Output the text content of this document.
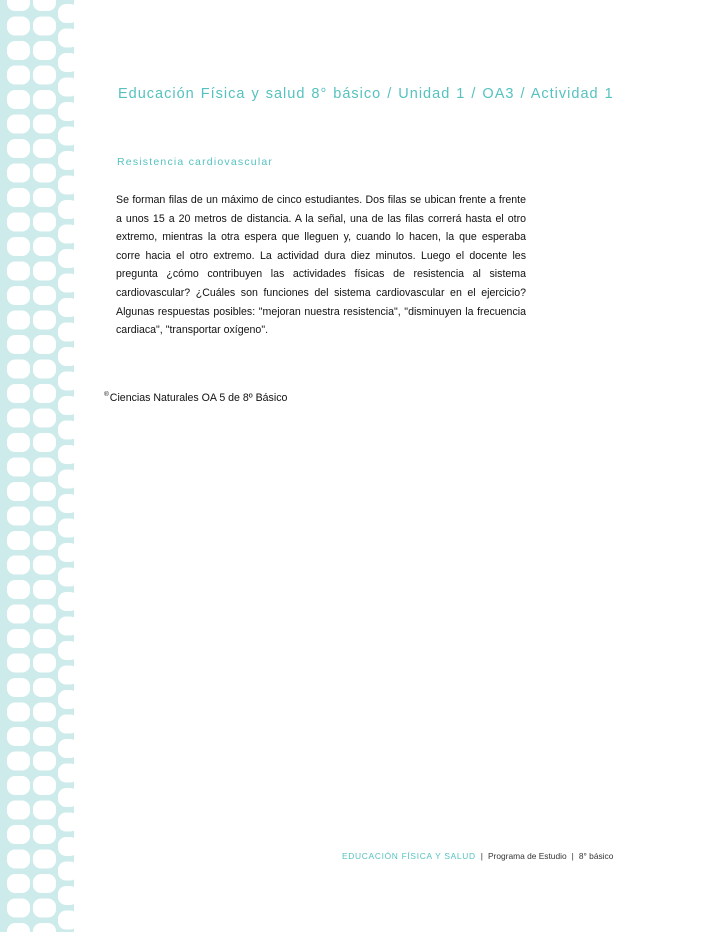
Educación Física y salud 8° básico / Unidad 1 / OA3 / Actividad 1
Resistencia cardiovascular
Se forman filas de un máximo de cinco estudiantes. Dos filas se ubican frente a frente a unos 15 a 20 metros de distancia. A la señal, una de las filas correrá hasta el otro extremo, mientras la otra espera que lleguen y, cuando lo hacen, la que esperaba corre hacia el otro extremo. La actividad dura diez minutos. Luego el docente les pregunta ¿cómo contribuyen las actividades físicas de resistencia al sistema cardiovascular? ¿Cuáles son funciones del sistema cardiovascular en el ejercicio? Algunas respuestas posibles: "mejoran nuestra resistencia", "disminuyen la frecuencia cardiaca", "transportar oxígeno".
®Ciencias Naturales OA 5 de 8º Básico
EDUCACIÓN FÍSICA Y SALUD | Programa de Estudio | 8° básico
